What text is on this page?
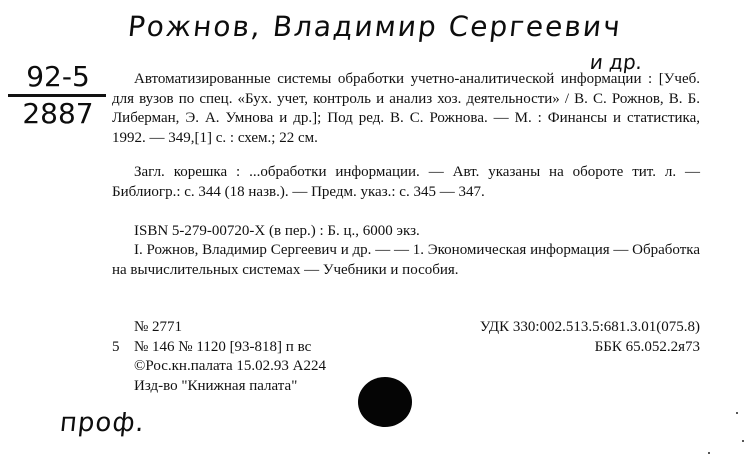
Рожнов, Владимир Сергеевич
и др.
92-5
2887

Автоматизированные системы обработки учетно-аналитической информации : [Учеб. для вузов по спец. «Бух. учет, контроль и анализ хоз. деятельности» / В. С. Рожнов, В. Б. Либерман, Э. А. Умнова и др.]; Под ред. В. С. Рожнова. — М. : Финансы и статистика, 1992. — 349,[1] с. : схем.; 22 см.

Загл. корешка : ...обработки информации. — Авт. указаны на обороте тит. л. — Библиогр.: с. 344 (18 назв.). — Предм. указ.: с. 345 — 347.

ISBN 5-279-00720-X (в пер.) : Б. ц., 6000 экз.

I. Рожнов, Владимир Сергеевич и др. — — 1. Экономическая информация — Обработка на вычислительных системах — Учебники и пособия.

№ 2771
5 № 146 № 1120 [93-818] п вс
©Рос.кн.палата 15.02.93 А224
Изд-во "Книжная палата"
УДК 330:002.513.5:681.3.01(075.8)
ББК 65.052.2я73
проф.
